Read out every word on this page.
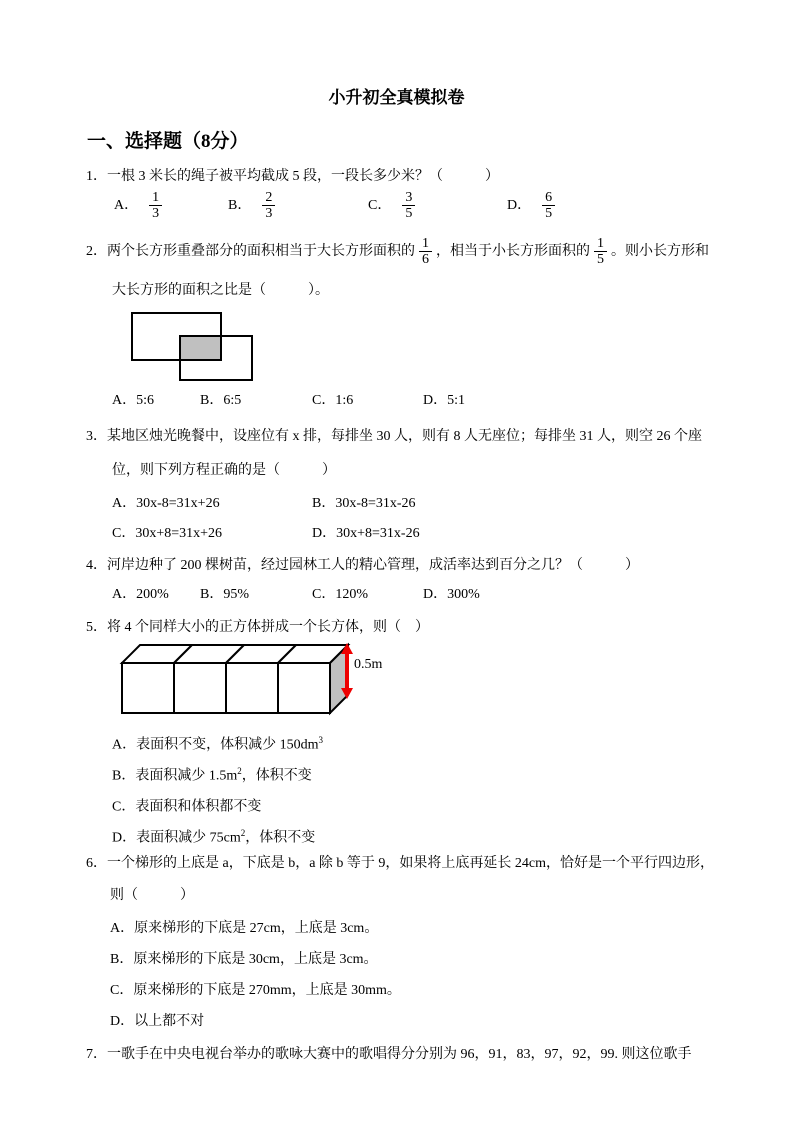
小升初全真模拟卷
一、选择题（8分）
1．一根 3 米长的绳子被平均截成 5 段，一段长多少米？（　　　）
A． $\frac{1}{3}$	B． $\frac{2}{3}$	C． $\frac{3}{5}$	D． $\frac{6}{5}$
2．两个长方形重叠部分的面积相当于大长方形面积的 $\frac{1}{6}$ ，相当于小长方形面积的 $\frac{1}{5}$ 。则小长方形和
大长方形的面积之比是（　　　）。
A．5:6	B．6:5	C．1:6	D．5:1
3．某地区烛光晚餐中，设座位有 x 排，每排坐 30 人，则有 8 人无座位；每排坐 31 人，则空 26 个座
位，则下列方程正确的是（　　　）
A．30x-8=31x+26	B．30x-8=31x-26
C．30x+8=31x+26	D．30x+8=31x-26
4．河岸边种了 200 棵树苗，经过园林工人的精心管理，成活率达到百分之几？（　　　）
A．200% B．95%	C．120%	D．300%
5．将 4 个同样大小的正方体拼成一个长方体，则（　）
0.5m
A．表面积不变，体积减少 $150dm^3$
B．表面积减少 $1.5m^2$，体积不变
C．表面积和体积都不变
D．表面积减少 $75cm^2$，体积不变
6．一个梯形的上底是 a，下底是 b，a 除 b 等于 9，如果将上底再延长 24cm，恰好是一个平行四边形，
则（　　　）
A．原来梯形的下底是 27cm，上底是 3cm。
B．原来梯形的下底是 30cm，上底是 3cm。
C．原来梯形的下底是 270mm，上底是 30mm。
D．以上都不对
7．一歌手在中央电视台举办的歌咏大赛中的歌唱得分分别为 96，91，83，97，92，99. 则这位歌手
